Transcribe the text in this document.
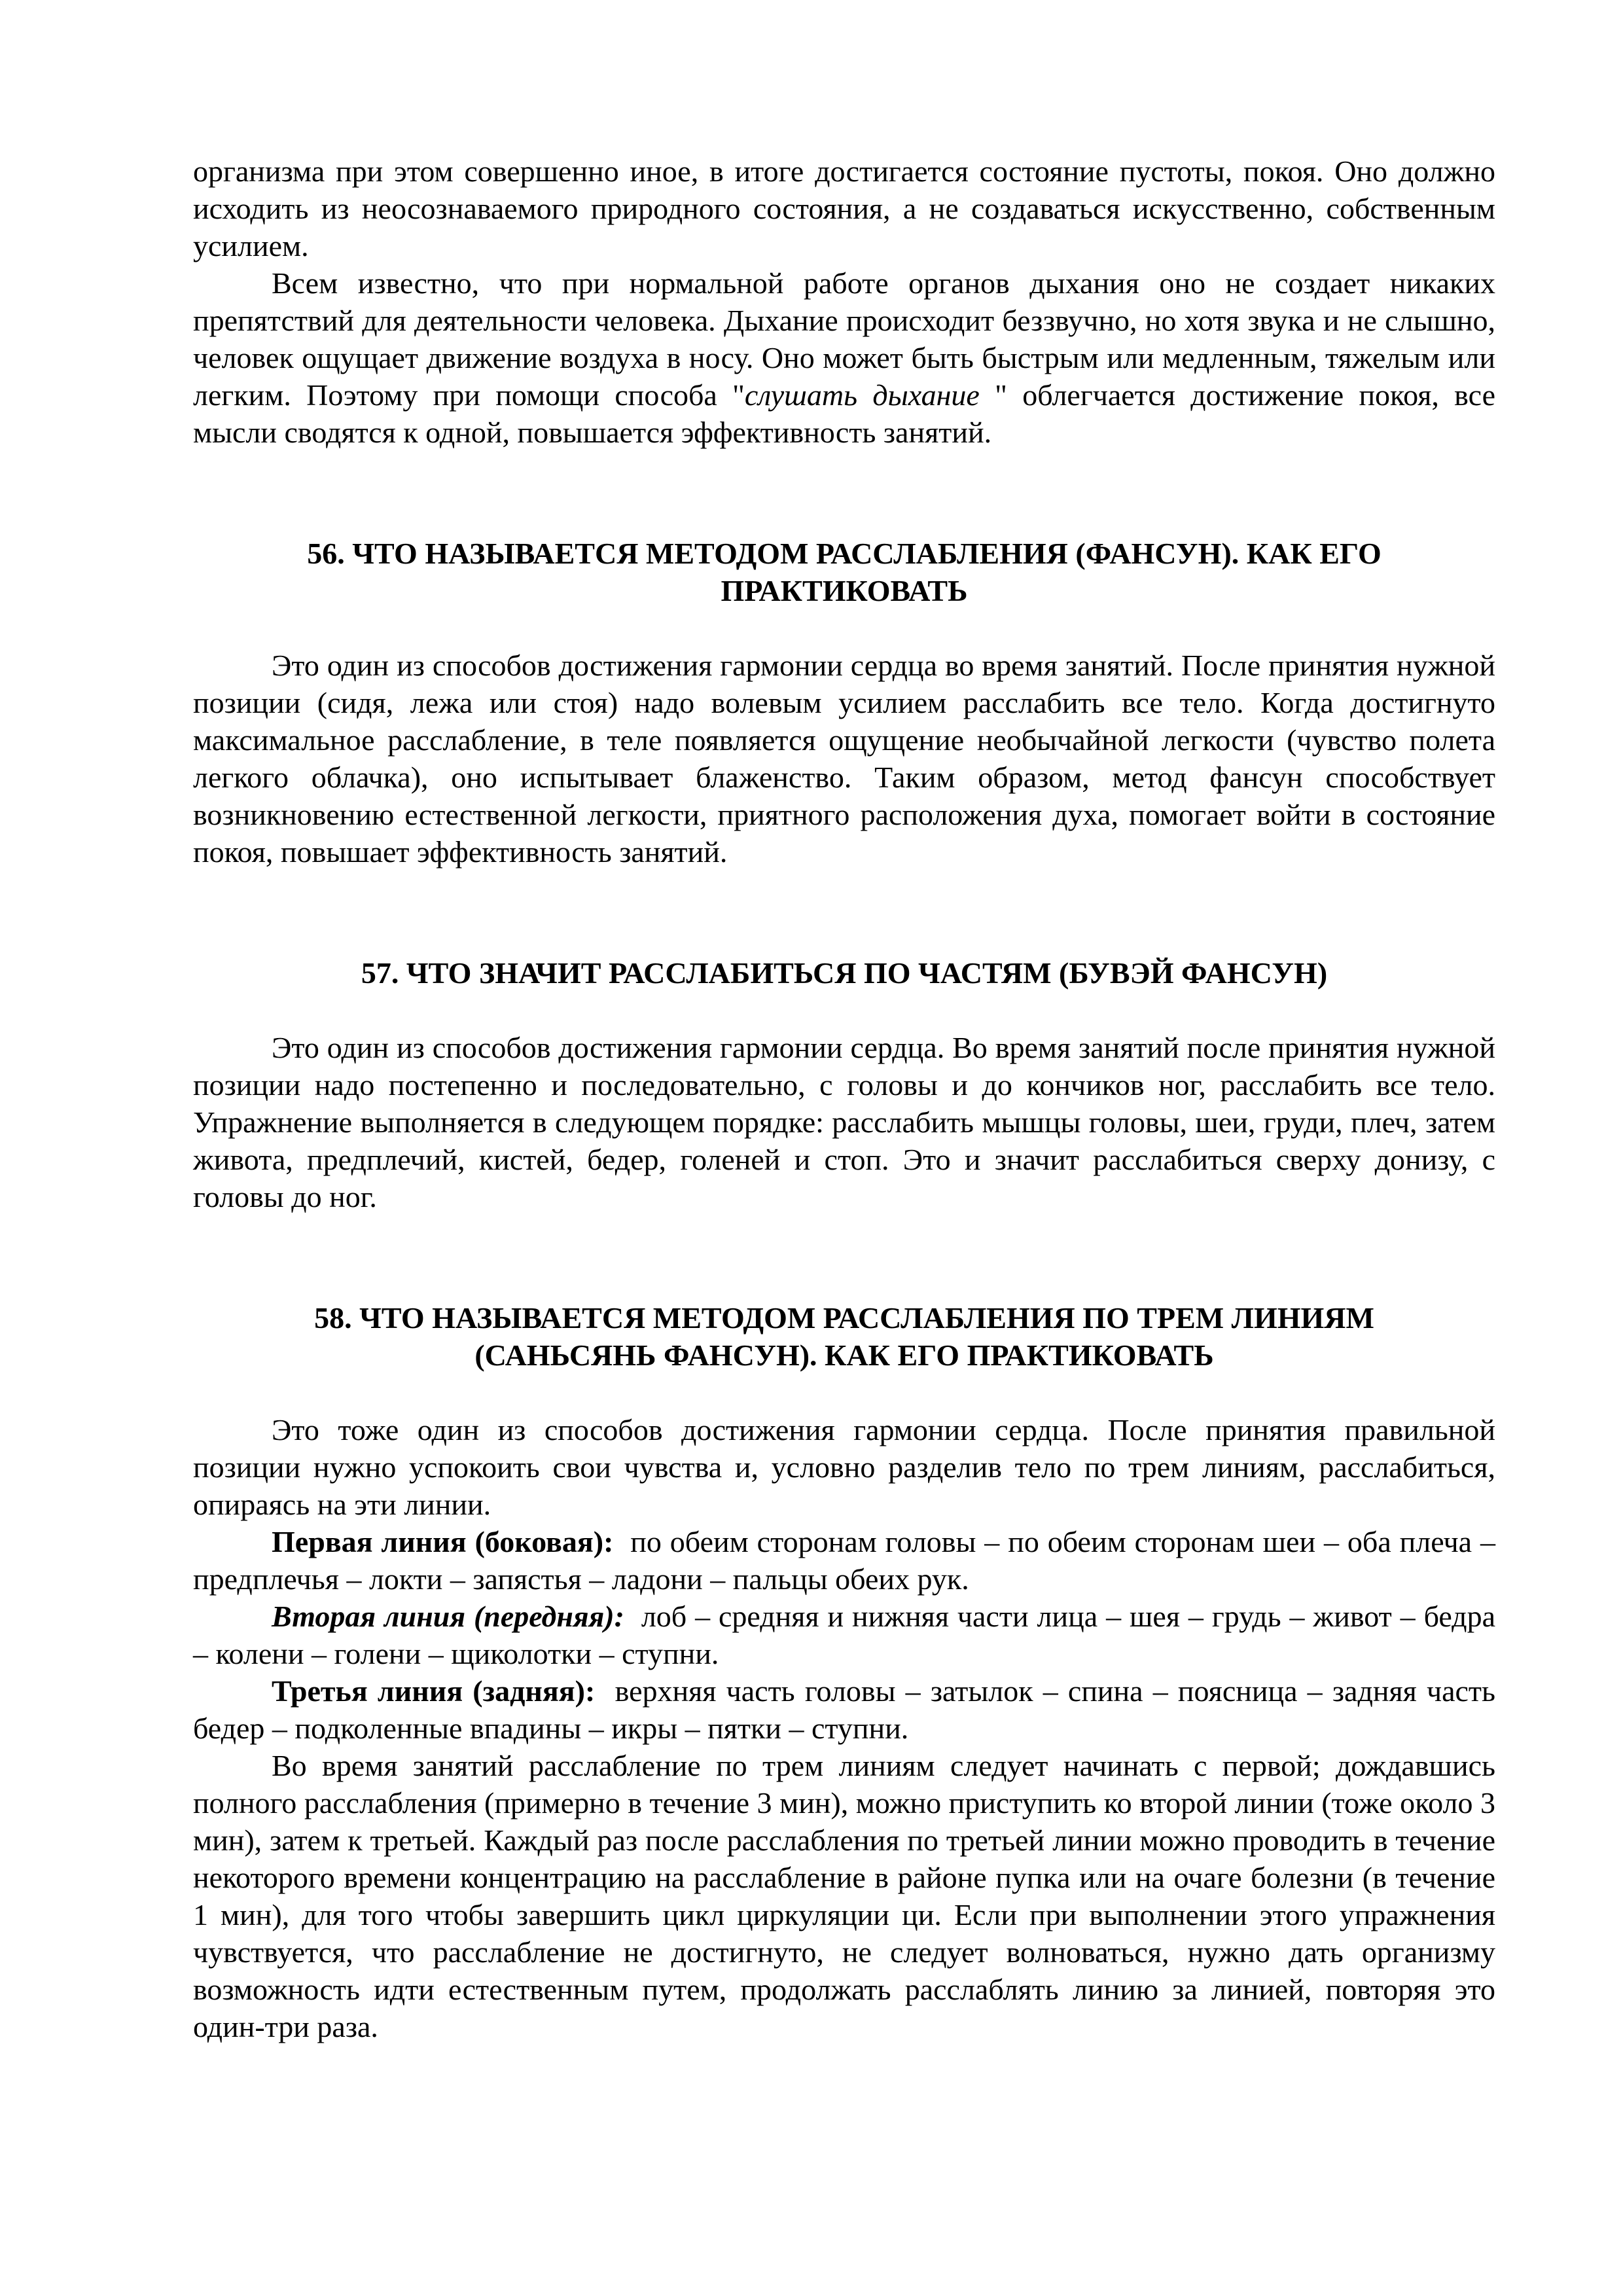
организма при этом совершенно иное, в итоге достигается состояние пустоты, покоя. Оно должно исходить из неосознаваемого природного состояния, а не создаваться искусственно, собственным усилием.

Всем известно, что при нормальной работе органов дыхания оно не создает никаких препятствий для деятельности человека. Дыхание происходит беззвучно, но хотя звука и не слышно, человек ощущает движение воздуха в носу. Оно может быть быстрым или медленным, тяжелым или легким. Поэтому при помощи способа "слушать дыхание " облегчается достижение покоя, все мысли сводятся к одной, повышается эффективность занятий.

56. ЧТО НАЗЫВАЕТСЯ МЕТОДОМ РАССЛАБЛЕНИЯ (ФАНСУН). КАК ЕГО
ПРАКТИКОВАТЬ

Это один из способов достижения гармонии сердца во время занятий. После принятия нужной позиции (сидя, лежа или стоя) надо волевым усилием расслабить все тело. Когда достигнуто максимальное расслабление, в теле появляется ощущение необычайной легкости (чувство полета легкого облачка), оно испытывает блаженство. Таким образом, метод фансун способствует возникновению естественной легкости, приятного расположения духа, помогает войти в состояние покоя, повышает эффективность занятий.

57. ЧТО ЗНАЧИТ РАССЛАБИТЬСЯ ПО ЧАСТЯМ (БУВЭЙ ФАНСУН)

Это один из способов достижения гармонии сердца. Во время занятий после принятия нужной позиции надо постепенно и последовательно, с головы и до кончиков ног, расслабить все тело. Упражнение выполняется в следующем порядке: расслабить мышцы головы, шеи, груди, плеч, затем живота, предплечий, кистей, бедер, голеней и стоп. Это и значит расслабиться сверху донизу, с головы до ног.

58. ЧТО НАЗЫВАЕТСЯ МЕТОДОМ РАССЛАБЛЕНИЯ ПО ТРЕМ ЛИНИЯМ
(САНЬСЯНЬ ФАНСУН). КАК ЕГО ПРАКТИКОВАТЬ

Это тоже один из способов достижения гармонии сердца. После принятия правильной позиции нужно успокоить свои чувства и, условно разделив тело по трем линиям, расслабиться, опираясь на эти линии.

Первая линия (боковая): по обеим сторонам головы – по обеим сторонам шеи – оба плеча – предплечья – локти – запястья – ладони – пальцы обеих рук.

Вторая линия (передняя): лоб – средняя и нижняя части лица – шея – грудь – живот – бедра – колени – голени – щиколотки – ступни.

Третья линия (задняя): верхняя часть головы – затылок – спина – поясница – задняя часть бедер – подколенные впадины – икры – пятки – ступни.

Во время занятий расслабление по трем линиям следует начинать с первой; дождавшись полного расслабления (примерно в течение 3 мин), можно приступить ко второй линии (тоже около 3 мин), затем к третьей. Каждый раз после расслабления по третьей линии можно проводить в течение некоторого времени концентрацию на расслабление в районе пупка или на очаге болезни (в течение 1 мин), для того чтобы завершить цикл циркуляции ци. Если при выполнении этого упражнения чувствуется, что расслабление не достигнуто, не следует волноваться, нужно дать организму возможность идти естественным путем, продолжать расслаблять линию за линией, повторяя это один-три раза.
